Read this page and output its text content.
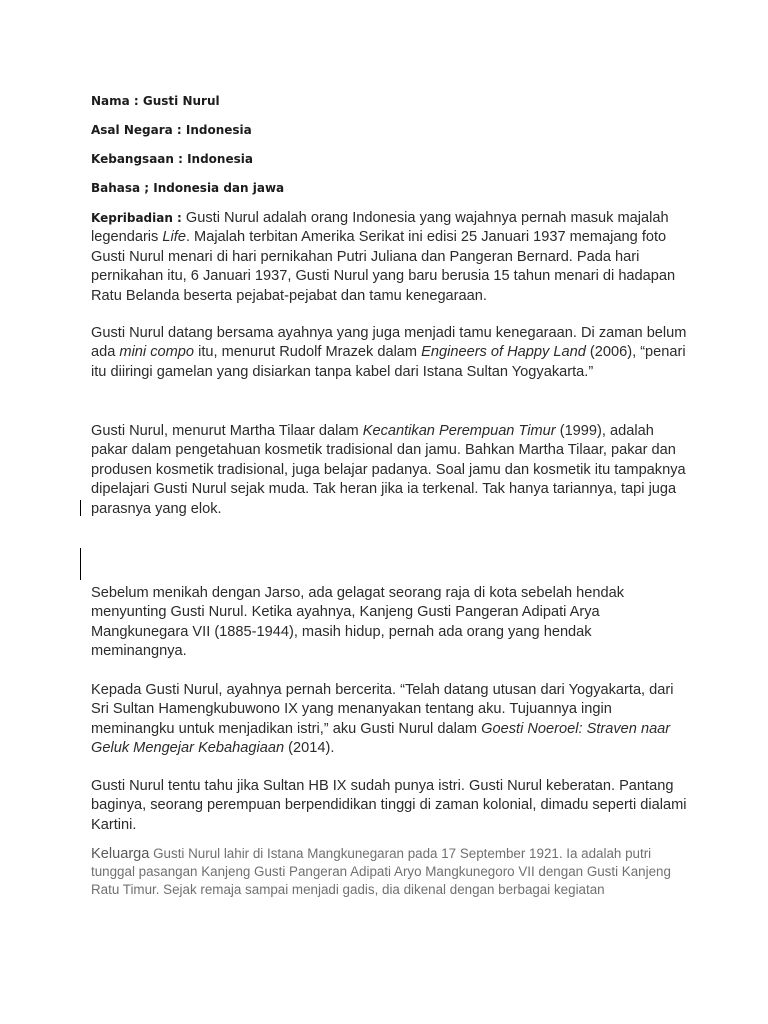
Nama : Gusti Nurul

Asal Negara : Indonesia

Kebangsaan : Indonesia

Bahasa ; Indonesia dan jawa

Kepribadian : Gusti Nurul adalah orang Indonesia yang wajahnya pernah masuk majalah legendaris Life. Majalah terbitan Amerika Serikat ini edisi 25 Januari 1937 memajang foto Gusti Nurul menari di hari pernikahan Putri Juliana dan Pangeran Bernard. Pada hari pernikahan itu, 6 Januari 1937, Gusti Nurul yang baru berusia 15 tahun menari di hadapan Ratu Belanda beserta pejabat-pejabat dan tamu kenegaraan.

Gusti Nurul datang bersama ayahnya yang juga menjadi tamu kenegaraan. Di zaman belum ada mini compo itu, menurut Rudolf Mrazek dalam Engineers of Happy Land (2006), “penari itu diiringi gamelan yang disiarkan tanpa kabel dari Istana Sultan Yogyakarta.”

Gusti Nurul, menurut Martha Tilaar dalam Kecantikan Perempuan Timur (1999), adalah pakar dalam pengetahuan kosmetik tradisional dan jamu. Bahkan Martha Tilaar, pakar dan produsen kosmetik tradisional, juga belajar padanya. Soal jamu dan kosmetik itu tampaknya dipelajari Gusti Nurul sejak muda. Tak heran jika ia terkenal. Tak hanya tariannya, tapi juga parasnya yang elok.

Sebelum menikah dengan Jarso, ada gelagat seorang raja di kota sebelah hendak menyunting Gusti Nurul. Ketika ayahnya, Kanjeng Gusti Pangeran Adipati Arya Mangkunegara VII (1885-1944), masih hidup, pernah ada orang yang hendak meminangnya.

Kepada Gusti Nurul, ayahnya pernah bercerita. “Telah datang utusan dari Yogyakarta, dari Sri Sultan Hamengkubuwono IX yang menanyakan tentang aku. Tujuannya ingin meminangku untuk menjadikan istri,” aku Gusti Nurul dalam Goesti Noeroel: Straven naar Geluk Mengejar Kebahagiaan (2014).

Gusti Nurul tentu tahu jika Sultan HB IX sudah punya istri. Gusti Nurul keberatan. Pantang baginya, seorang perempuan berpendidikan tinggi di zaman kolonial, dimadu seperti dialami Kartini.

Keluarga Gusti Nurul lahir di Istana Mangkunegaran pada 17 September 1921. Ia adalah putri tunggal pasangan Kanjeng Gusti Pangeran Adipati Aryo Mangkunegoro VII dengan Gusti Kanjeng Ratu Timur. Sejak remaja sampai menjadi gadis, dia dikenal dengan berbagai kegiatan
